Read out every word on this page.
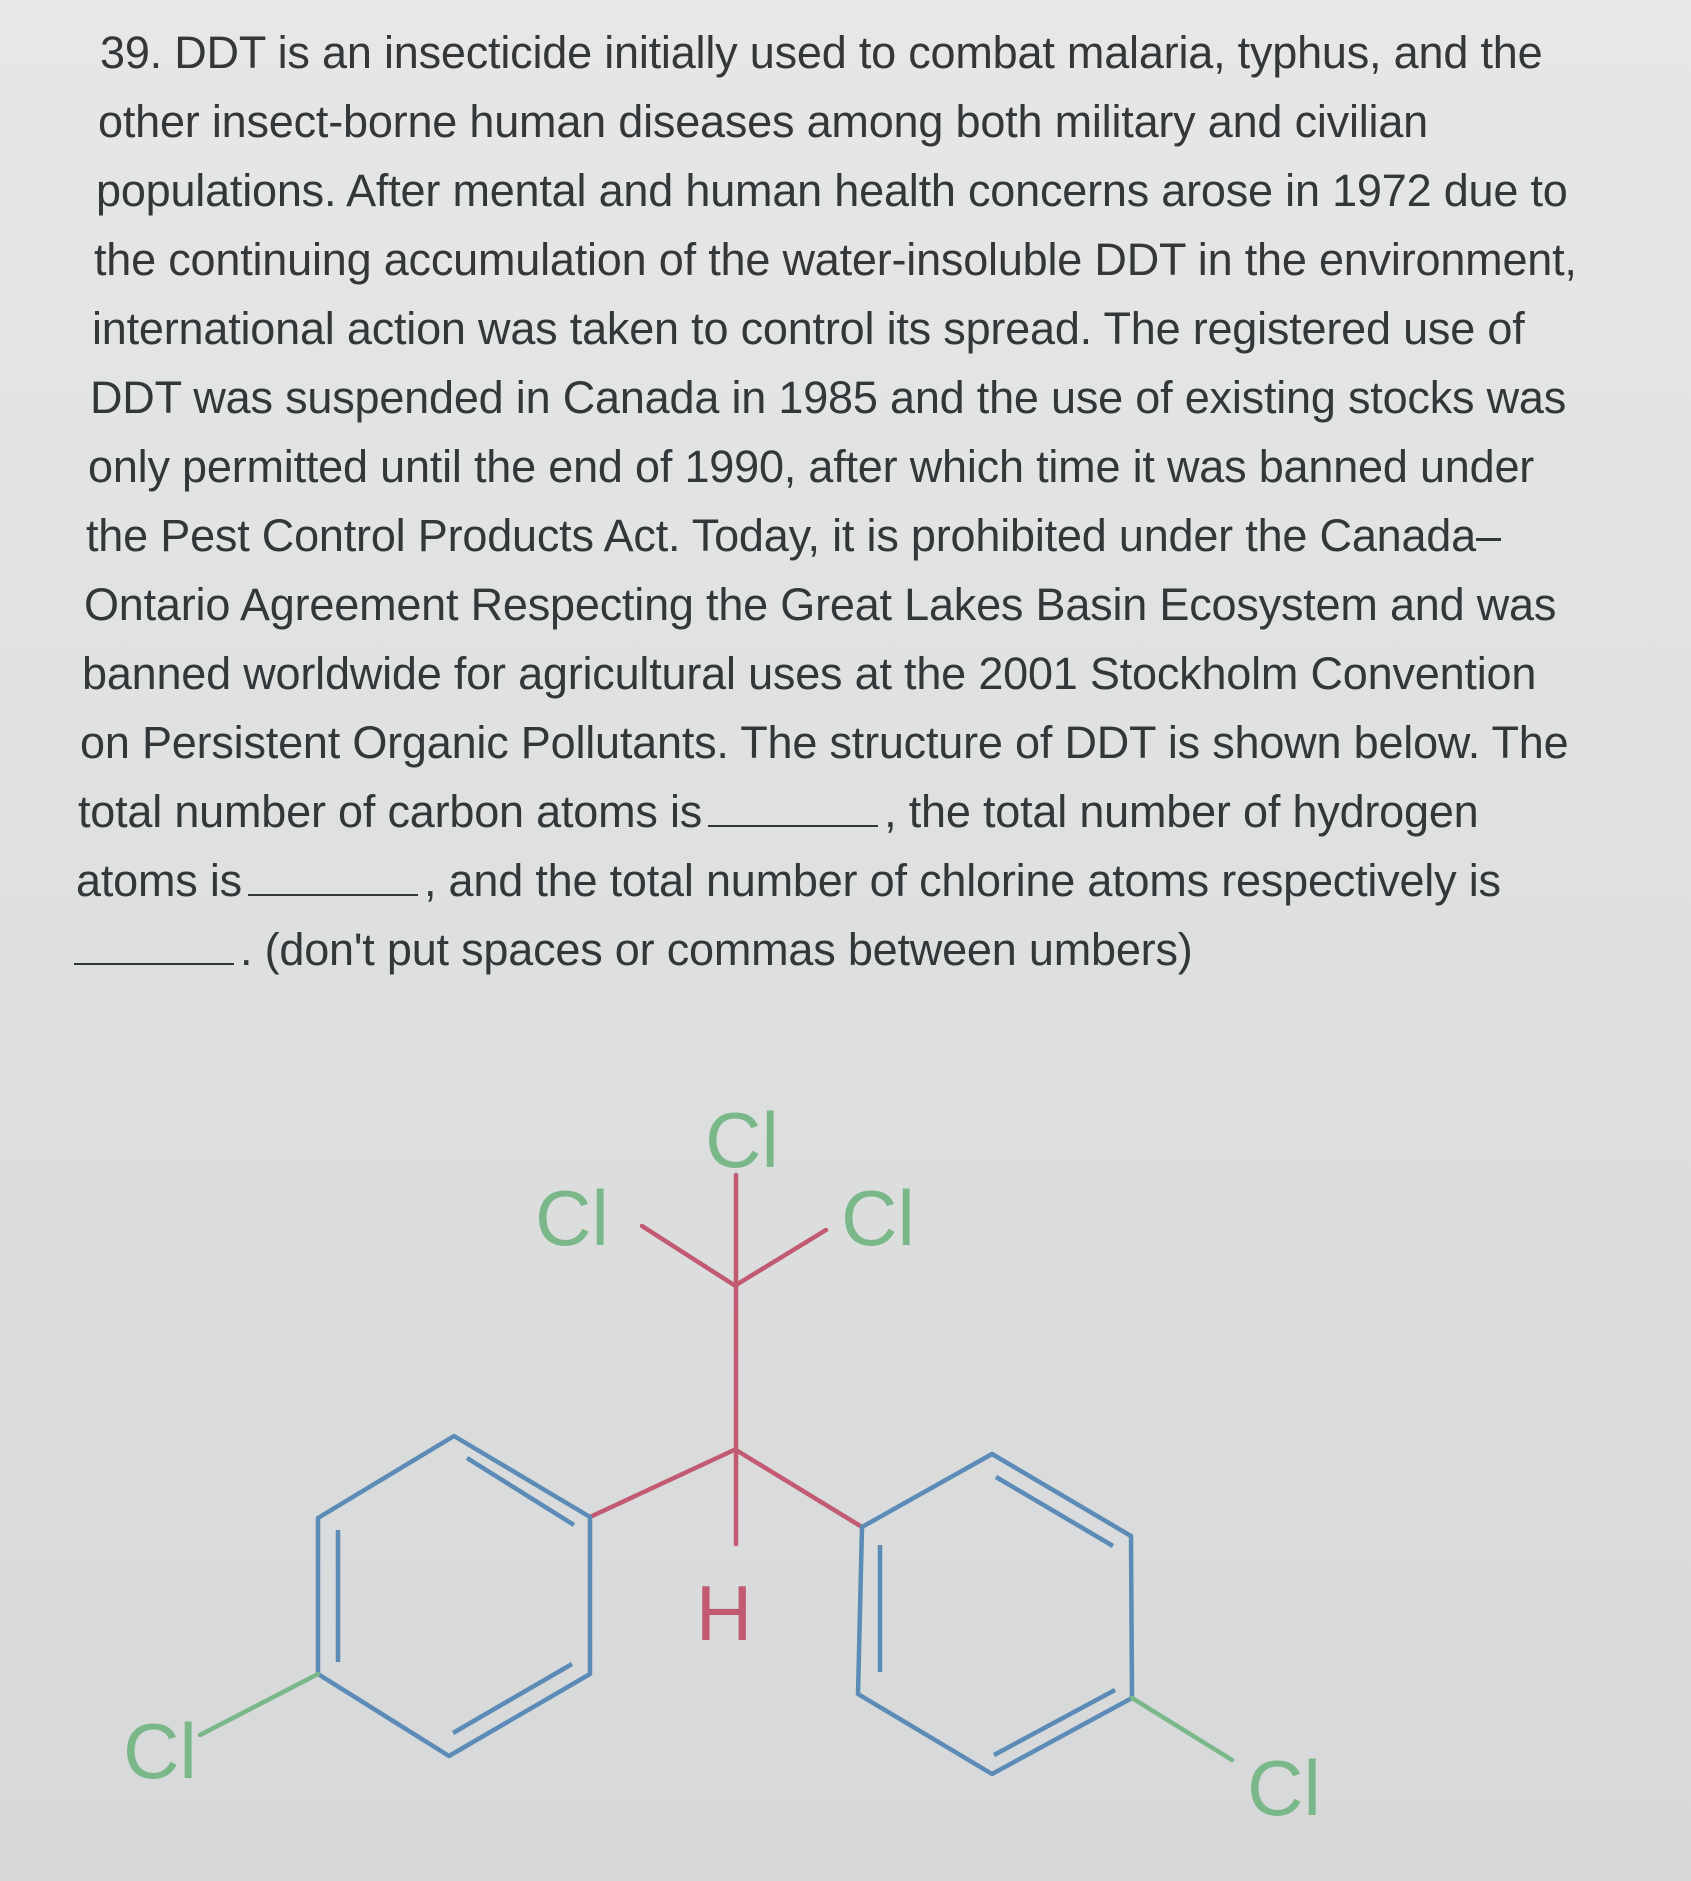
39. DDT is an insecticide initially used to combat malaria, typhus, and the
other insect-borne human diseases among both military and civilian
populations. After mental and human health concerns arose in 1972 due to
the continuing accumulation of the water-insoluble DDT in the environment,
international action was taken to control its spread. The registered use of
DDT was suspended in Canada in 1985 and the use of existing stocks was
only permitted until the end of 1990, after which time it was banned under
the Pest Control Products Act. Today, it is prohibited under the Canada–
Ontario Agreement Respecting the Great Lakes Basin Ecosystem and was
banned worldwide for agricultural uses at the 2001 Stockholm Convention
on Persistent Organic Pollutants. The structure of DDT is shown below. The
total number of carbon atoms is	, the total number of hydrogen
atoms is	, and the total number of chlorine atoms respectively is
. (don't put spaces or commas between umbers)
Cl
Cl	Cl
H
Cl	Cl
